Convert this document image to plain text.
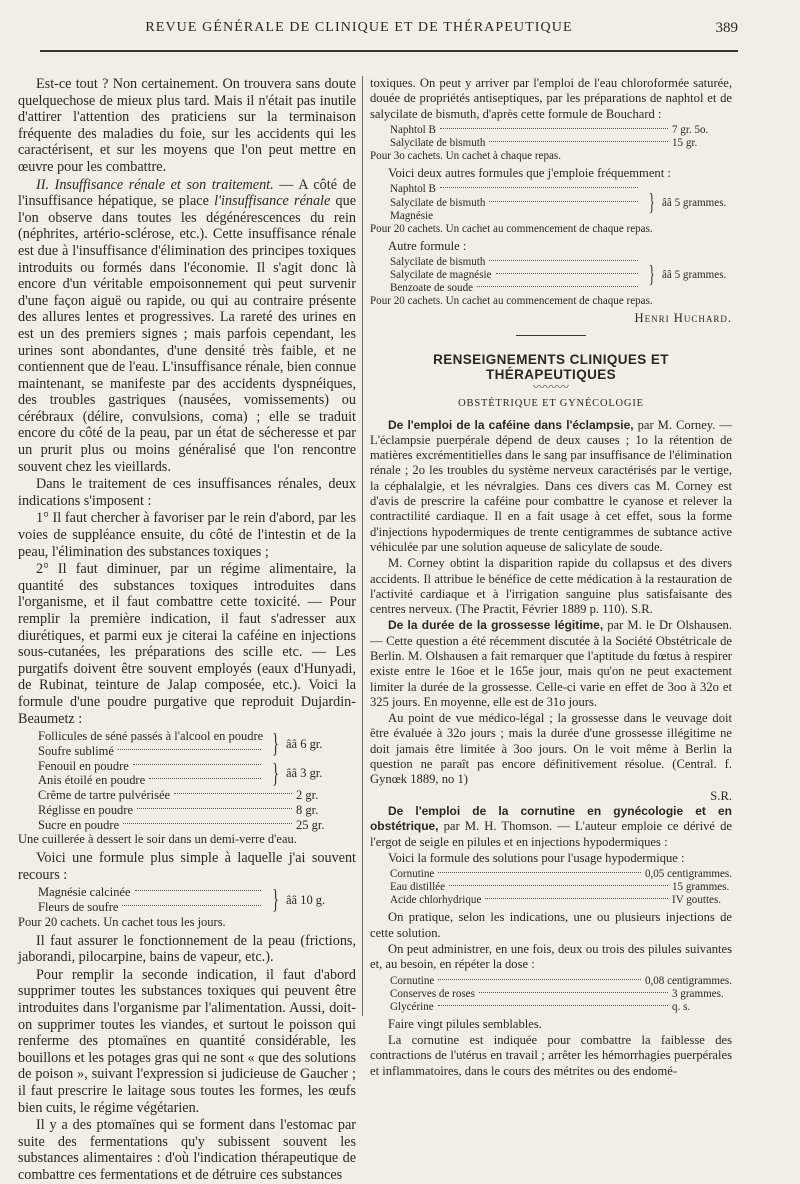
REVUE GÉNÉRALE DE CLINIQUE ET DE THÉRAPEUTIQUE	389

Est-ce tout ? Non certainement. On trouvera sans doute quelquechose de mieux plus tard. Mais il n'était pas inutile d'attirer l'attention des praticiens sur la terminaison fréquente des maladies du foie, sur les accidents qui les caractérisent, et sur les moyens que l'on peut mettre en œuvre pour les combattre.

II. Insuffisance rénale et son traitement. — A côté de l'insuffisance hépatique, se place l'insuffisance rénale que l'on observe dans toutes les dégénérescences du rein (néphrites, artério-sclérose, etc.). Cette insuffisance rénale est due à l'insuffisance d'élimination des principes toxiques introduits ou formés dans l'économie. Il s'agit donc là encore d'un véritable empoisonnement qui peut survenir d'une façon aiguë ou rapide, ou qui au contraire présente des allures lentes et progressives. La rareté des urines en est un des premiers signes ; mais parfois cependant, les urines sont abondantes, d'une densité très faible, et ne contiennent que de l'eau. L'insuffisance rénale, bien connue maintenant, se manifeste par des accidents dyspnéiques, des troubles gastriques (nausées, vomissements) ou cérébraux (délire, convulsions, coma) ; elle se traduit encore du côté de la peau, par un état de sécheresse et par un prurit plus ou moins généralisé que l'on rencontre souvent chez les vieillards.

Dans le traitement de ces insuffisances rénales, deux indications s'imposent :

1° Il faut chercher à favoriser par le rein d'abord, par les voies de suppléance ensuite, du côté de l'intestin et de la peau, l'élimination des substances toxiques ;

2° Il faut diminuer, par un régime alimentaire, la quantité des substances toxiques introduites dans l'organisme, et il faut combattre cette toxicité. — Pour remplir la première indication, il faut s'adresser aux diurétiques, et parmi eux je citerai la caféine en injections sous-cutanées, les préparations des scille etc. — Les purgatifs doivent être souvent employés (eaux d'Hunyadi, de Rubinat, teinture de Jalap composée, etc.). Voici la formule d'une poudre purgative que reproduit Dujardin-Beaumetz :

Follicules de séné passés à l'alcool en poudre
Soufre sublimé	} ââ 6 gr.
Fenouil en poudre
Anis étoilé en poudre	} ââ 3 gr.
Crême de tartre pulvérisée	2 gr.
Réglisse en poudre	8 gr.
Sucre en poudre	25 gr.
Une cuillerée à dessert le soir dans un demi-verre d'eau.

Voici une formule plus simple à laquelle j'ai souvent recours :

Magnésie calcinée
Fleurs de soufre	} ââ 10 g.
Pour 20 cachets. Un cachet tous les jours.

Il faut assurer le fonctionnement de la peau (frictions, jaborandi, pilocarpine, bains de vapeur, etc.).

Pour remplir la seconde indication, il faut d'abord supprimer toutes les substances toxiques qui peuvent être introduites dans l'organisme par l'alimentation. Aussi, doit-on supprimer toutes les viandes, et surtout le poisson qui renferme des ptomaïnes en quantité considérable, les bouillons et les potages gras qui ne sont « que des solutions de poison », suivant l'expression si judicieuse de Gaucher ; il faut prescrire le laitage sous toutes les formes, les œufs bien cuits, le régime végétarien.

Il y a des ptomaïnes qui se forment dans l'estomac par suite des fermentations qu'y subissent souvent les substances alimentaires : d'où l'indication thérapeutique de combattre ces fermentations et de détruire ces substances

toxiques. On peut y arriver par l'emploi de l'eau chloroformée saturée, douée de propriétés antiseptiques, par les préparations de naphtol et de salycilate de bismuth, d'après cette formule de Bouchard :

Naphtol B	7 gr. 5o.
Salycilate de bismuth	15 gr.
Pour 3o cachets. Un cachet à chaque repas.

Voici deux autres formules que j'emploie fréquemment :

Naphtol B
Salycilate de bismuth
Magnésie	} ââ 5 grammes.
Pour 20 cachets. Un cachet au commencement de chaque repas.

Autre formule :

Salycilate de bismuth
Salycilate de magnésie
Benzoate de soude	} ââ 5 grammes.
Pour 20 cachets. Un cachet au commencement de chaque repas.
Henri Huchard.
RENSEIGNEMENTS CLINIQUES ET THÉRAPEUTIQUES
〰〰〰
OBSTÉTRIQUE ET GYNÉCOLOGIE

De l'emploi de la caféine dans l'éclampsie, par M. Corney. — L'éclampsie puerpérale dépend de deux causes ; 1o la rétention de matières excrémentitielles dans le sang par insuffisance de l'élimination rénale ; 2o les troubles du système nerveux caractérisés par le vertige, la céphalalgie, et les névralgies. Dans ces divers cas M. Corney est d'avis de prescrire la caféine pour combattre le cyanose et relever la contractilité cardiaque. Il en a fait usage à cet effet, sous la forme d'injections hypodermiques de trente centigrammes de subtance active véhiculée par une solution aqueuse de salicylate de soude.

M. Corney obtint la disparition rapide du collapsus et des divers accidents. Il attribue le bénéfice de cette médication à la restauration de l'activité cardiaque et à l'irrigation sanguine plus satisfaisante des centres nerveux. (The Practit, Février 1889 p. 110). S.R.

De la durée de la grossesse légitime, par M. le Dr Olshausen. — Cette question a été récemment discutée à la Société Obstétricale de Berlin. M. Olshausen a fait remarquer que l'aptitude du fœtus à respirer existe entre le 16oe et le 165e jour, mais qu'on ne peut exactement limiter la durée de la grossesse. Celle-ci varie en effet de 3oo à 32o et 325 jours. En moyenne, elle est de 31o jours.

Au point de vue médico-légal ; la grossesse dans le veuvage doit être évaluée à 32o jours ; mais la durée d'une grossesse illégitime ne doit jamais être limitée à 3oo jours. On le voit même à Berlin la question ne paraît pas encore définitivement résolue. (Central. f. Gynœk 1889, no 1)

S.R.

De l'emploi de la cornutine en gynécologie et en obstétrique, par M. H. Thomson. — L'auteur emploie ce dérivé de l'ergot de seigle en pilules et en injections hypodermiques :

Voici la formule des solutions pour l'usage hypodermique :

Cornutine	0,05 centigrammes.
Eau distillée	15 grammes.
Acide chlorhydrique	IV gouttes.

On pratique, selon les indications, une ou plusieurs injections de cette solution.

On peut administrer, en une fois, deux ou trois des pilules suivantes et, au besoin, en répéter la dose :

Cornutine	0,08 centigrammes.
Conserves de roses	3 grammes.
Glycérine	q. s.

Faire vingt pilules semblables.

La cornutine est indiquée pour combattre la faiblesse des contractions de l'utérus en travail ; arrêter les hémorrhagies puerpérales et inflammatoires, dans le cours des métrites ou des endomé-
